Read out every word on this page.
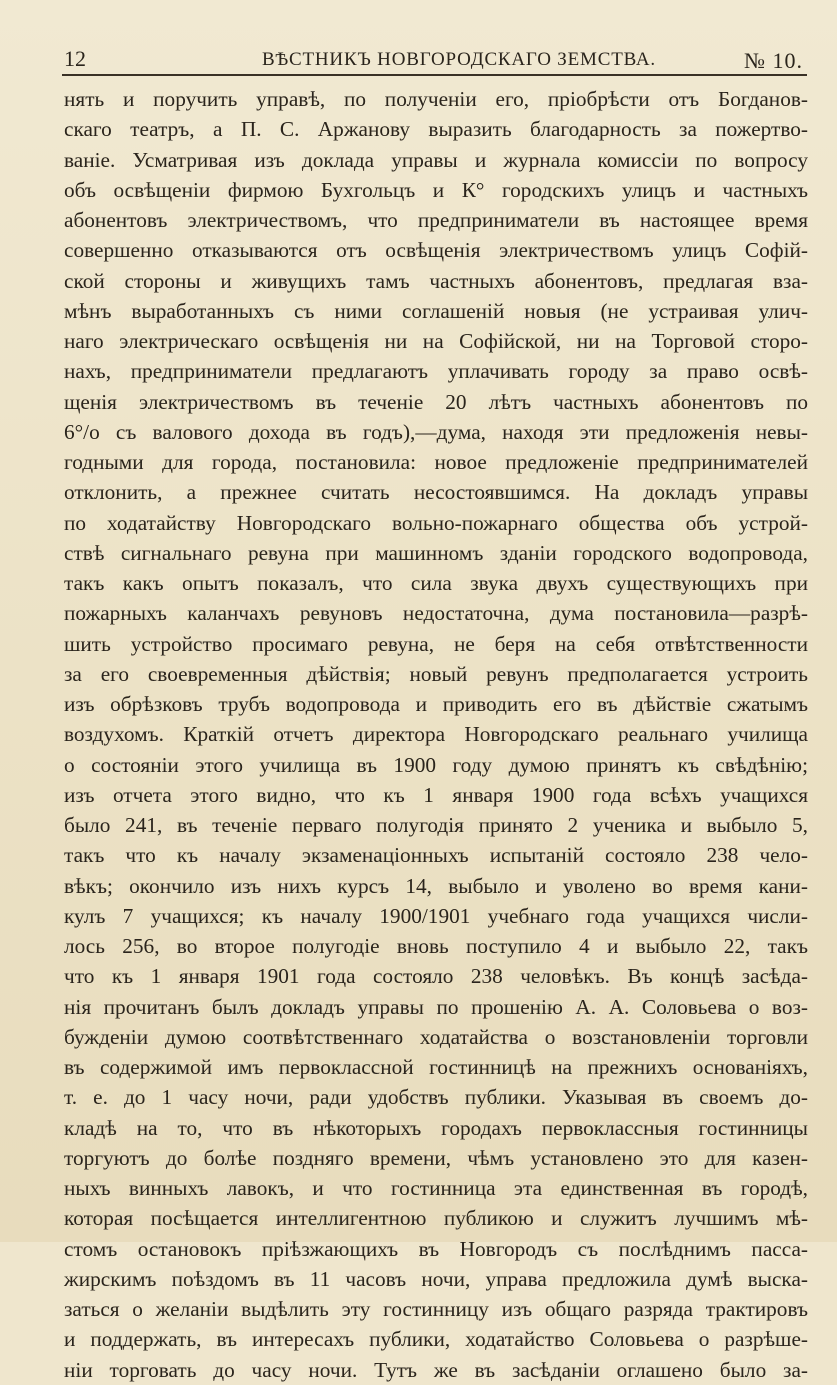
12	ВѢСТНИКЪ НОВГОРОДСКАГО ЗЕМСТВА.	№ 10.
нять и поручить управѣ, по полученіи его, пріобрѣсти отъ Богданов-
скаго театръ, а П. С. Аржанову выразить благодарность за пожертво-
ваніе. Усматривая изъ доклада управы и журнала комиссіи по вопросу
объ освѣщеніи фирмою Бухгольцъ и К° городскихъ улицъ и частныхъ
абонентовъ электричествомъ, что предприниматели въ настоящее время
совершенно отказываются отъ освѣщенія электричествомъ улицъ Софій-
ской стороны и живущихъ тамъ частныхъ абонентовъ, предлагая вза-
мѣнъ выработанныхъ съ ними соглашеній новыя (не устраивая улич-
наго электрическаго освѣщенія ни на Софійской, ни на Торговой сторо-
нахъ, предприниматели предлагаютъ уплачивать городу за право освѣ-
щенія электричествомъ въ теченіе 20 лѣтъ частныхъ абонентовъ по
6°/о съ валового дохода въ годъ),—дума, находя эти предложенія невы-
годными для города, постановила: новое предложеніе предпринимателей
отклонить, а прежнее считать несостоявшимся. На докладъ управы
по ходатайству Новгородскаго вольно-пожарнаго общества объ устрой-
ствѣ сигнальнаго ревуна при машинномъ зданіи городского водопровода,
такъ какъ опытъ показалъ, что сила звука двухъ существующихъ при
пожарныхъ каланчахъ ревуновъ недостаточна, дума постановила—разрѣ-
шить устройство просимаго ревуна, не беря на себя отвѣтственности
за его своевременныя дѣйствія; новый ревунъ предполагается устроить
изъ обрѣзковъ трубъ водопровода и приводить его въ дѣйствіе сжатымъ
воздухомъ. Краткій отчетъ директора Новгородскаго реальнаго училища
о состояніи этого училища въ 1900 году думою принятъ къ свѣдѣнію;
изъ отчета этого видно, что къ 1 января 1900 года всѣхъ учащихся
было 241, въ теченіе перваго полугодія принято 2 ученика и выбыло 5,
такъ что къ началу экзаменаціонныхъ испытаній состояло 238 чело-
вѣкъ; окончило изъ нихъ курсъ 14, выбыло и уволено во время кани-
кулъ 7 учащихся; къ началу 1900/1901 учебнаго года учащихся числи-
лось 256, во второе полугодіе вновь поступило 4 и выбыло 22, такъ
что къ 1 января 1901 года состояло 238 человѣкъ. Въ концѣ засѣда-
нія прочитанъ былъ докладъ управы по прошенію А. А. Соловьева о воз-
бужденіи думою соотвѣтственнаго ходатайства о возстановленіи торговли
въ содержимой имъ первоклассной гостинницѣ на прежнихъ основаніяхъ,
т. е. до 1 часу ночи, ради удобствъ публики. Указывая въ своемъ до-
кладѣ на то, что въ нѣкоторыхъ городахъ первоклассныя гостинницы
торгуютъ до болѣе поздняго времени, чѣмъ установлено это для казен-
ныхъ винныхъ лавокъ, и что гостинница эта единственная въ городѣ,
которая посѣщается интеллигентною публикою и служитъ лучшимъ мѣ-
стомъ остановокъ пріѣзжающихъ въ Новгородъ съ послѣднимъ пасса-
жирскимъ поѣздомъ въ 11 часовъ ночи, управа предложила думѣ выска-
заться о желаніи выдѣлить эту гостинницу изъ общаго разряда трактировъ
и поддержать, въ интересахъ публики, ходатайство Соловьева о разрѣше-
ніи торговать до часу ночи. Тутъ же въ засѣданіи оглашено было за-
